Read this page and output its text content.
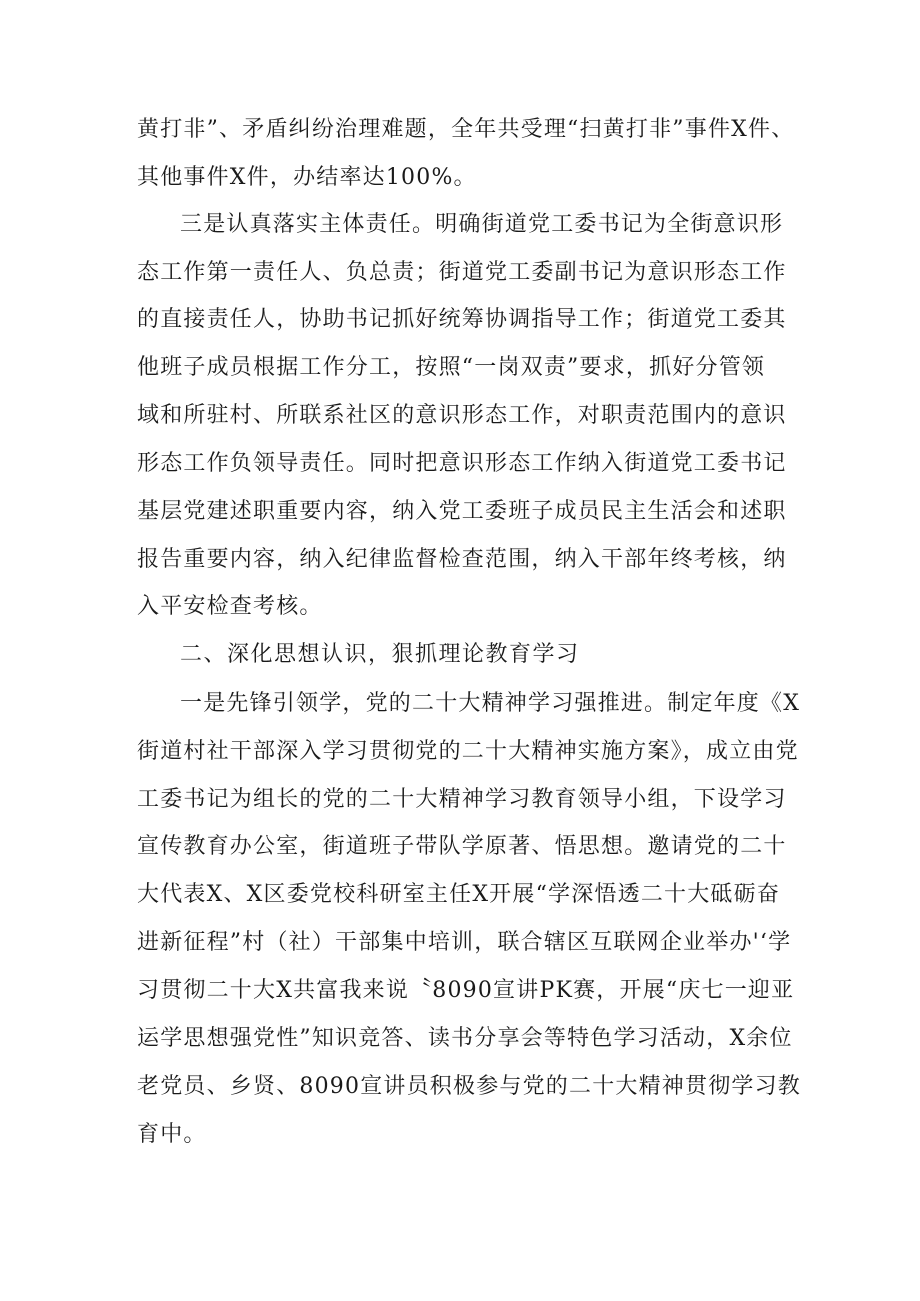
黄打非”、矛盾纠纷治理难题，全年共受理“扫黄打非”事件X件、
其他事件X件，办结率达100%。
三是认真落实主体责任。明确街道党工委书记为全街意识形
态工作第一责任人、负总责；街道党工委副书记为意识形态工作
的直接责任人，协助书记抓好统筹协调指导工作；街道党工委其
他班子成员根据工作分工，按照“一岗双责”要求，抓好分管领
域和所驻村、所联系社区的意识形态工作，对职责范围内的意识
形态工作负领导责任。同时把意识形态工作纳入街道党工委书记
基层党建述职重要内容，纳入党工委班子成员民主生活会和述职
报告重要内容，纳入纪律监督检查范围，纳入干部年终考核，纳
入平安检查考核。
二、深化思想认识，狠抓理论教育学习
一是先锋引领学，党的二十大精神学习强推进。制定年度《X
街道村社干部深入学习贯彻党的二十大精神实施方案》，成立由党
工委书记为组长的党的二十大精神学习教育领导小组，下设学习
宣传教育办公室，街道班子带队学原著、悟思想。邀请党的二十
大代表X、X区委党校科研室主任X开展“学深悟透二十大砥砺奋
进新征程”村（社）干部集中培训，联合辖区互联网企业举办'‘学
习贯彻二十大X共富我来说〝8090宣讲PK赛，开展“庆七一迎亚
运学思想强党性”知识竞答、读书分享会等特色学习活动，X余位
老党员、乡贤、8090宣讲员积极参与党的二十大精神贯彻学习教
育中。
